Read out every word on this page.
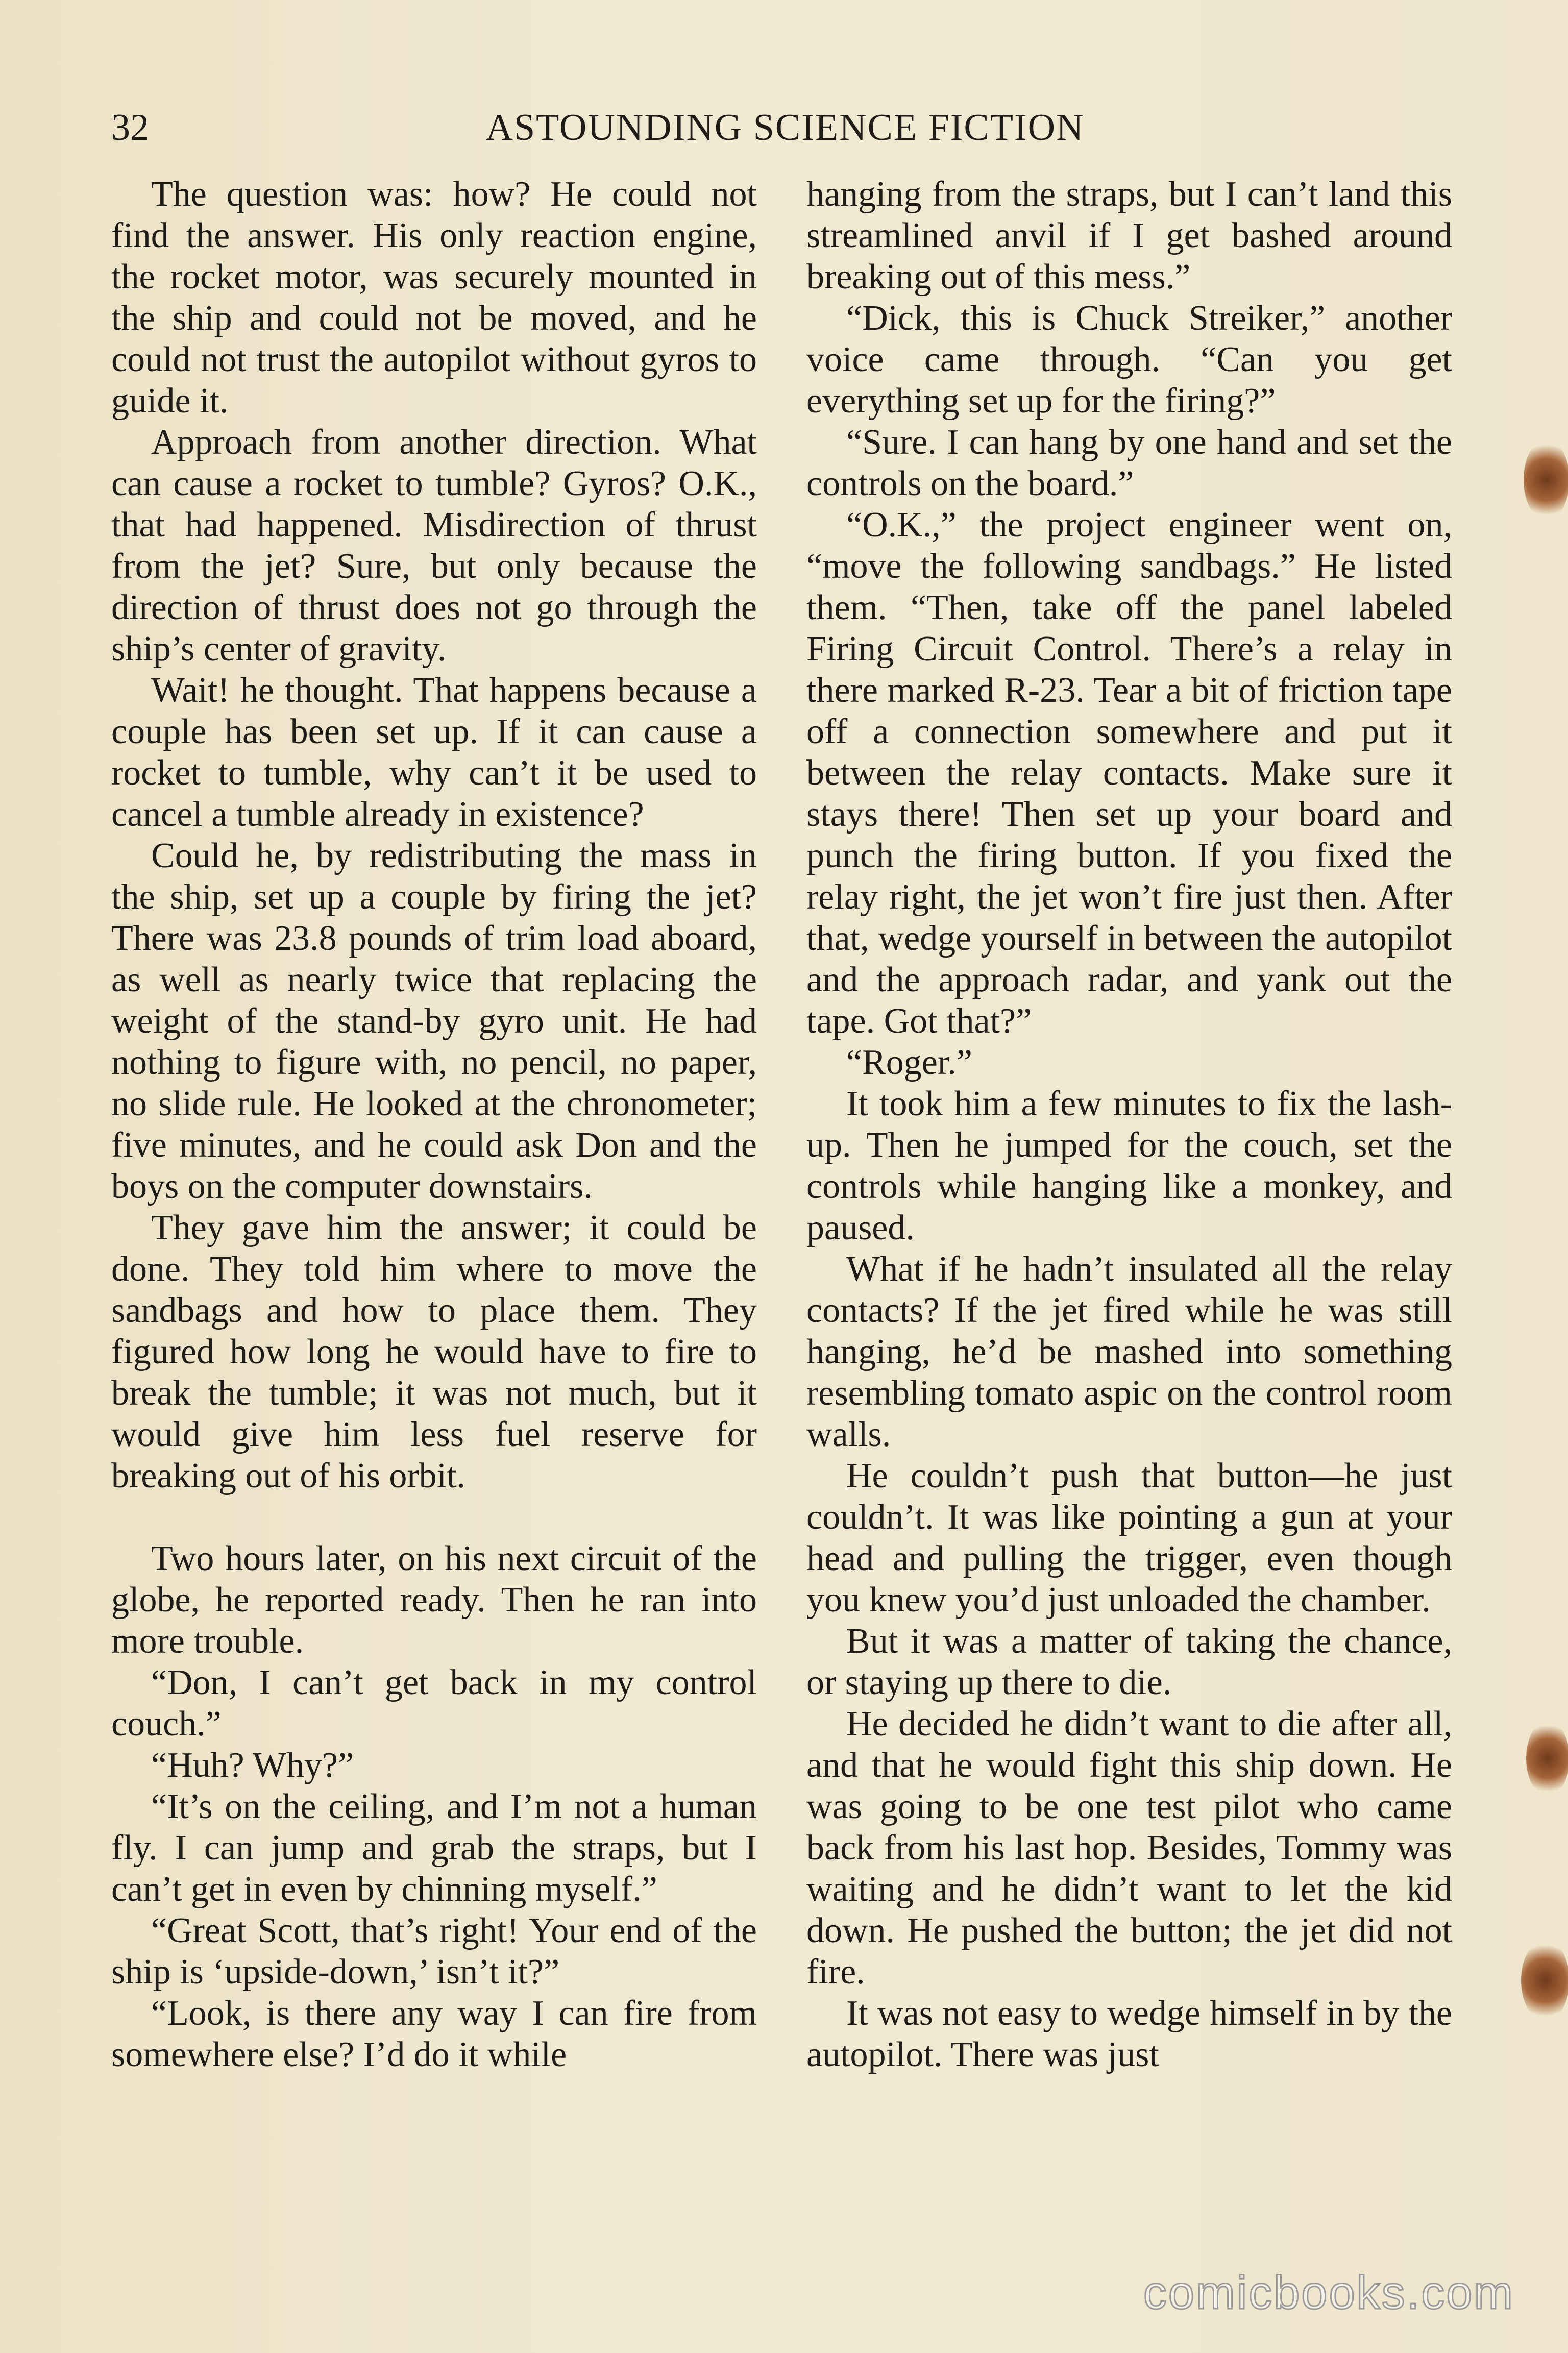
32	ASTOUNDING SCIENCE FICTION

The question was: how? He could not find the answer. His only reaction engine, the rocket motor, was securely mounted in the ship and could not be moved, and he could not trust the autopilot without gyros to guide it.

Approach from another direction. What can cause a rocket to tumble? Gyros? O.K., that had happened. Misdirection of thrust from the jet? Sure, but only because the direction of thrust does not go through the ship’s center of gravity.

Wait! he thought. That happens because a couple has been set up. If it can cause a rocket to tumble, why can’t it be used to cancel a tumble already in existence?

Could he, by redistributing the mass in the ship, set up a couple by firing the jet? There was 23.8 pounds of trim load aboard, as well as nearly twice that replacing the weight of the stand-by gyro unit. He had nothing to figure with, no pencil, no paper, no slide rule. He looked at the chronometer; five minutes, and he could ask Don and the boys on the computer downstairs.

They gave him the answer; it could be done. They told him where to move the sandbags and how to place them. They figured how long he would have to fire to break the tumble; it was not much, but it would give him less fuel reserve for breaking out of his orbit.

Two hours later, on his next circuit of the globe, he reported ready. Then he ran into more trouble.

“Don, I can’t get back in my control couch.”

“Huh? Why?”

“It’s on the ceiling, and I’m not a human fly. I can jump and grab the straps, but I can’t get in even by chinning myself.”

“Great Scott, that’s right! Your end of the ship is ‘upside-down,’ isn’t it?”

“Look, is there any way I can fire from somewhere else? I’d do it while

hanging from the straps, but I can’t land this streamlined anvil if I get bashed around breaking out of this mess.”

“Dick, this is Chuck Streiker,” another voice came through. “Can you get everything set up for the firing?”

“Sure. I can hang by one hand and set the controls on the board.”

“O.K.,” the project engineer went on, “move the following sandbags.” He listed them. “Then, take off the panel labeled Firing Circuit Control. There’s a relay in there marked R-23. Tear a bit of friction tape off a connection somewhere and put it between the relay contacts. Make sure it stays there! Then set up your board and punch the firing button. If you fixed the relay right, the jet won’t fire just then. After that, wedge yourself in between the autopilot and the approach radar, and yank out the tape. Got that?”

“Roger.”

It took him a few minutes to fix the lash-up. Then he jumped for the couch, set the controls while hanging like a monkey, and paused.

What if he hadn’t insulated all the relay contacts? If the jet fired while he was still hanging, he’d be mashed into something resembling tomato aspic on the control room walls.

He couldn’t push that button—he just couldn’t. It was like pointing a gun at your head and pulling the trigger, even though you knew you’d just unloaded the chamber.

But it was a matter of taking the chance, or staying up there to die.

He decided he didn’t want to die after all, and that he would fight this ship down. He was going to be one test pilot who came back from his last hop. Besides, Tommy was waiting and he didn’t want to let the kid down. He pushed the button; the jet did not fire.

It was not easy to wedge himself in by the autopilot. There was just

comicbooks.com
